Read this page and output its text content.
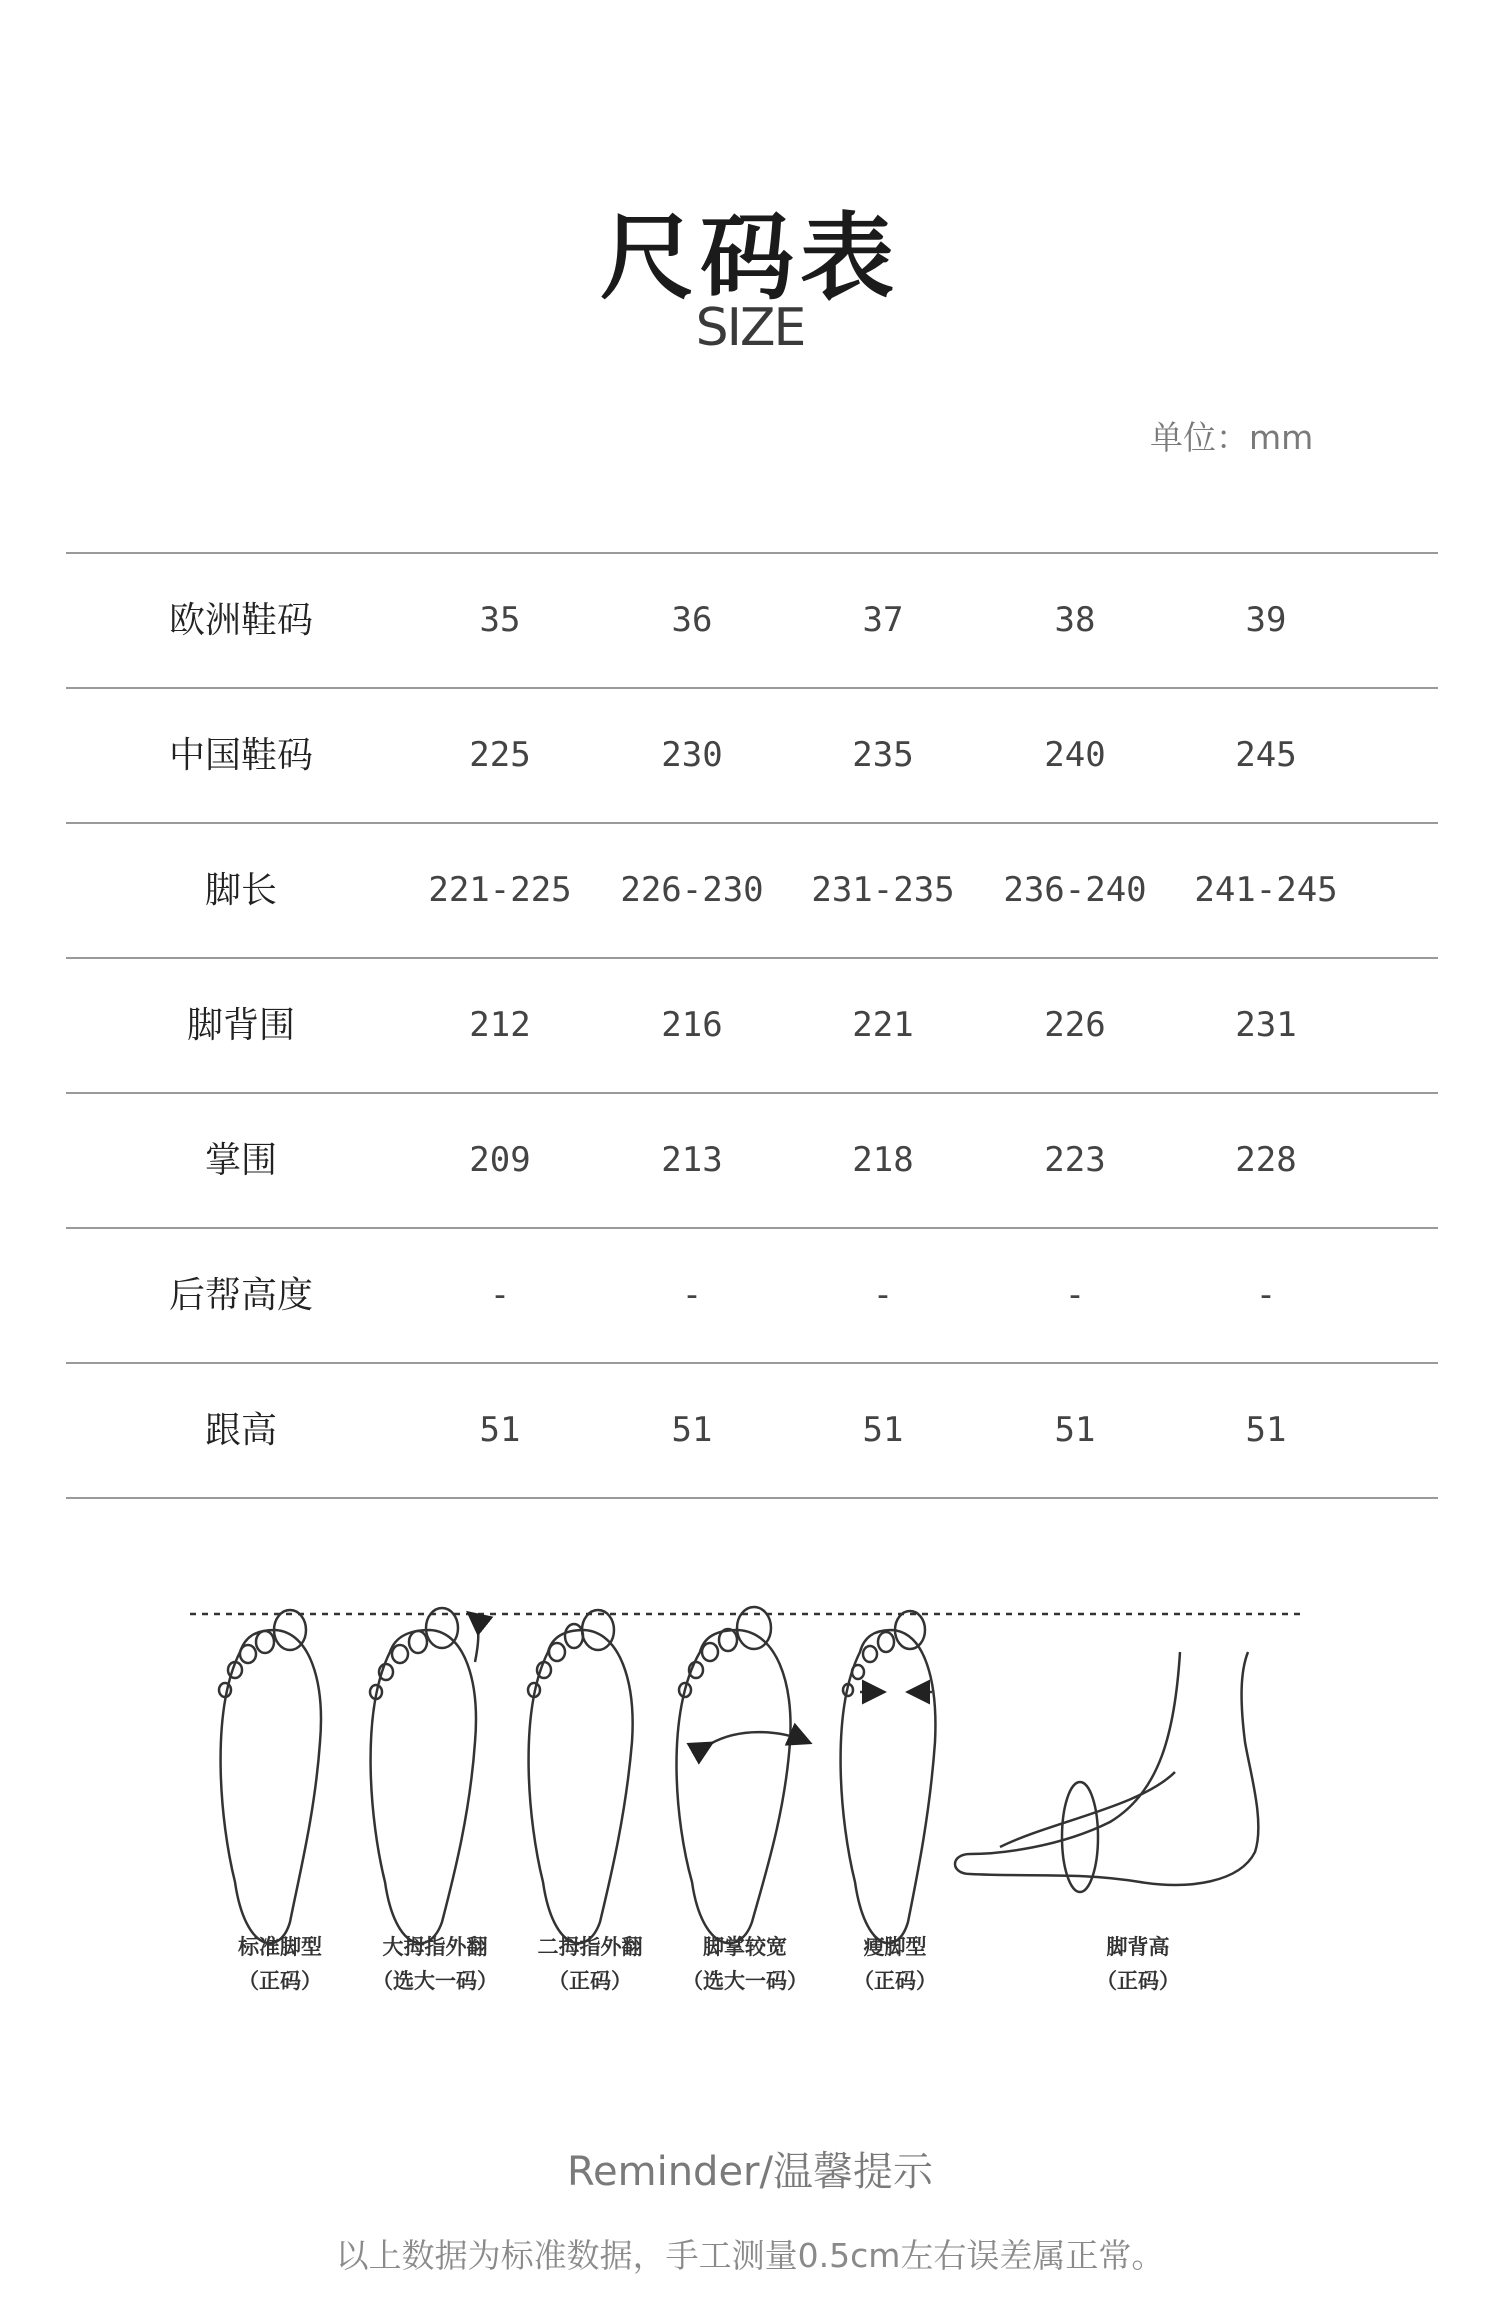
尺码表
SIZE
单位：mm
欧洲鞋码	35	36	37	38	39
中国鞋码	225	230	235	240	245
脚长	221-225	226-230	231-235	236-240	241-245
脚背围	212	216	221	226	231
掌围	209	213	218	223	228
后帮高度	-	-	-	-	-
跟高	51	51	51	51	51
标准脚型
（正码）
大拇指外翻
（选大一码）
二拇指外翻
（正码）
脚掌较宽
（选大一码）
瘦脚型
（正码）
脚背高
（正码）
Reminder/温馨提示
以上数据为标准数据，手工测量0.5cm左右误差属正常。
